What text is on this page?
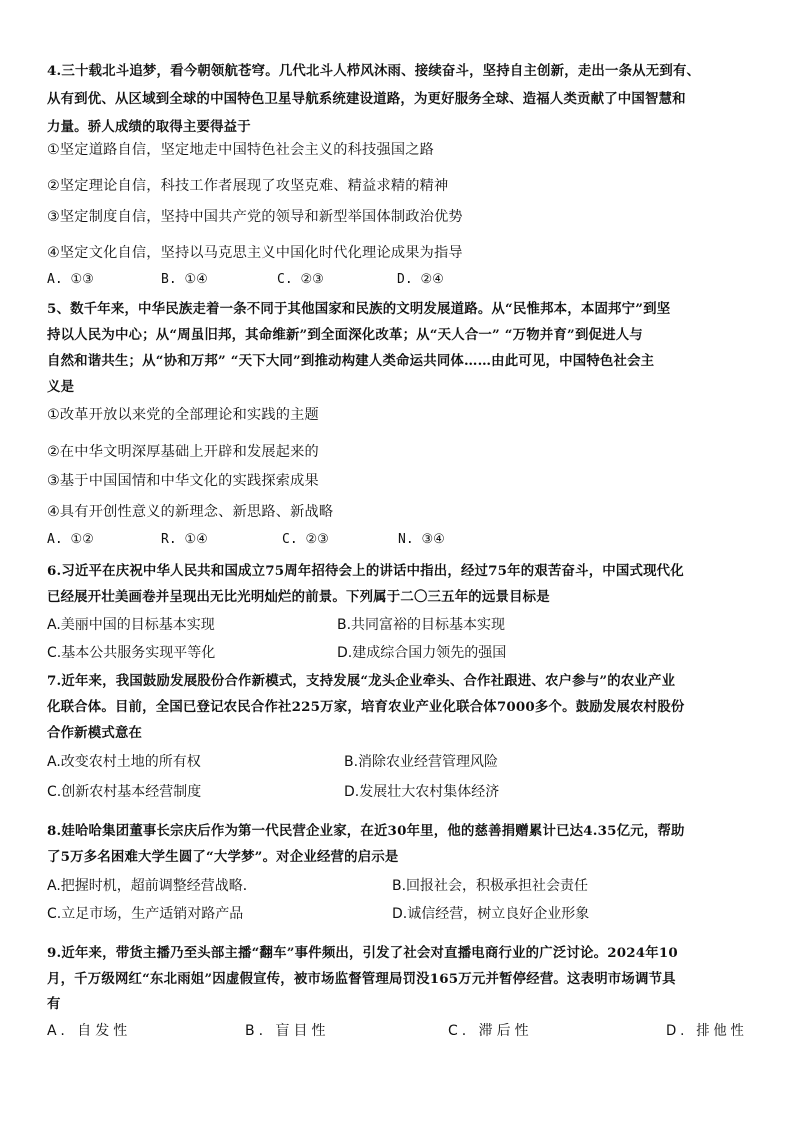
4.三十载北斗追梦，看今朝领航苍穹。几代北斗人栉风沐雨、接续奋斗，坚持自主创新，走出一条从无到有、
从有到优、从区域到全球的中国特色卫星导航系统建设道路，为更好服务全球、造福人类贡献了中国智慧和
力量。骄人成绩的取得主要得益于
①坚定道路自信，坚定地走中国特色社会主义的科技强国之路
②坚定理论自信，科技工作者展现了攻坚克难、精益求精的精神
③坚定制度自信，坚持中国共产党的领导和新型举国体制政治优势
④坚定文化自信，坚持以马克思主义中国化时代化理论成果为指导
A. ①③	B. ①④	C. ②③	D. ②④
5、数千年来，中华民族走着一条不同于其他国家和民族的文明发展道路。从“民惟邦本，本固邦宁”到坚
持以人民为中心；从“周虽旧邦，其命维新”到全面深化改革；从“天人合一” “万物并育”到促进人与
自然和谐共生；从“协和万邦” “天下大同”到推动构建人类命运共同体……由此可见，中国特色社会主
义是
①改革开放以来党的全部理论和实践的主题
②在中华文明深厚基础上开辟和发展起来的
③基于中国国情和中华文化的实践探索成果
④具有开创性意义的新理念、新思路、新战略
A. ①②	R. ①④	C. ②③	N. ③④
6.习近平在庆祝中华人民共和国成立75周年招待会上的讲话中指出，经过75年的艰苦奋斗，中国式现代化
已经展开壮美画卷并呈现出无比光明灿烂的前景。下列属于二〇三五年的远景目标是
A.美丽中国的目标基本实现	B.共同富裕的目标基本实现
C.基本公共服务实现平等化	D.建成综合国力领先的强国
7.近年来，我国鼓励发展股份合作新模式，支持发展“龙头企业牵头、合作社跟进、农户参与”的农业产业
化联合体。目前，全国已登记农民合作社225万家，培育农业产业化联合体7000多个。鼓励发展农村股份
合作新模式意在
A.改变农村土地的所有权	B.消除农业经营管理风险
C.创新农村基本经营制度	D.发展壮大农村集体经济
8.娃哈哈集团董事长宗庆后作为第一代民营企业家，在近30年里，他的慈善捐赠累计已达4.35亿元，帮助
了5万多名困难大学生圆了“大学梦”。对企业经营的启示是
A.把握时机，超前调整经营战略．	B.回报社会，积极承担社会责任
C.立足市场，生产适销对路产品	D.诚信经营，树立良好企业形象
9.近年来，带货主播乃至头部主播“翻车”事件频出，引发了社会对直播电商行业的广泛讨论。2024年10
月，千万级网红“东北雨姐”因虚假宣传，被市场监督管理局罚没165万元并暂停经营。这表明市场调节具
有
A. 自发性	B. 盲目性	C. 滞后性	D. 排他性
